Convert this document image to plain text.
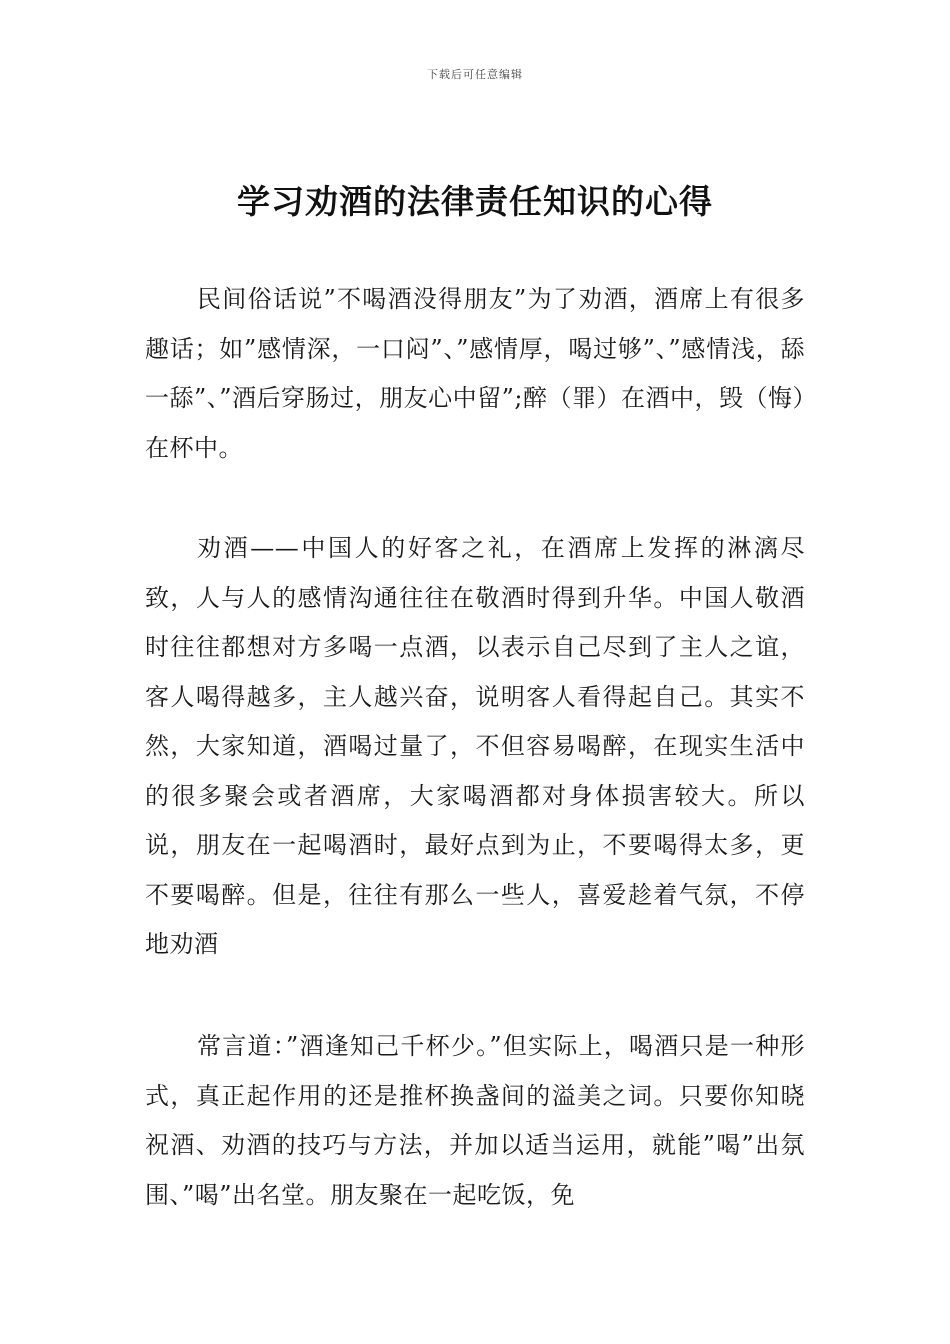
下载后可任意编辑
学习劝酒的法律责任知识的心得

民间俗话说”不喝酒没得朋友”为了劝酒，酒席上有很多趣话；如”感情深，一口闷”、”感情厚，喝过够”、”感情浅，舔一舔”、”酒后穿肠过，朋友心中留”;醉（罪）在酒中，毁（悔）在杯中。

劝酒——中国人的好客之礼，在酒席上发挥的淋漓尽致，人与人的感情沟通往往在敬酒时得到升华。中国人敬酒时往往都想对方多喝一点酒，以表示自己尽到了主人之谊，客人喝得越多，主人越兴奋，说明客人看得起自己。其实不然，大家知道，酒喝过量了，不但容易喝醉，在现实生活中的很多聚会或者酒席，大家喝酒都对身体损害较大。所以说，朋友在一起喝酒时，最好点到为止，不要喝得太多，更不要喝醉。但是，往往有那么一些人，喜爱趁着气氛，不停地劝酒

常言道：”酒逢知己千杯少。”但实际上，喝酒只是一种形式，真正起作用的还是推杯换盏间的溢美之词。只要你知晓祝酒、劝酒的技巧与方法，并加以适当运用，就能”喝”出氛围、”喝”出名堂。朋友聚在一起吃饭，免
